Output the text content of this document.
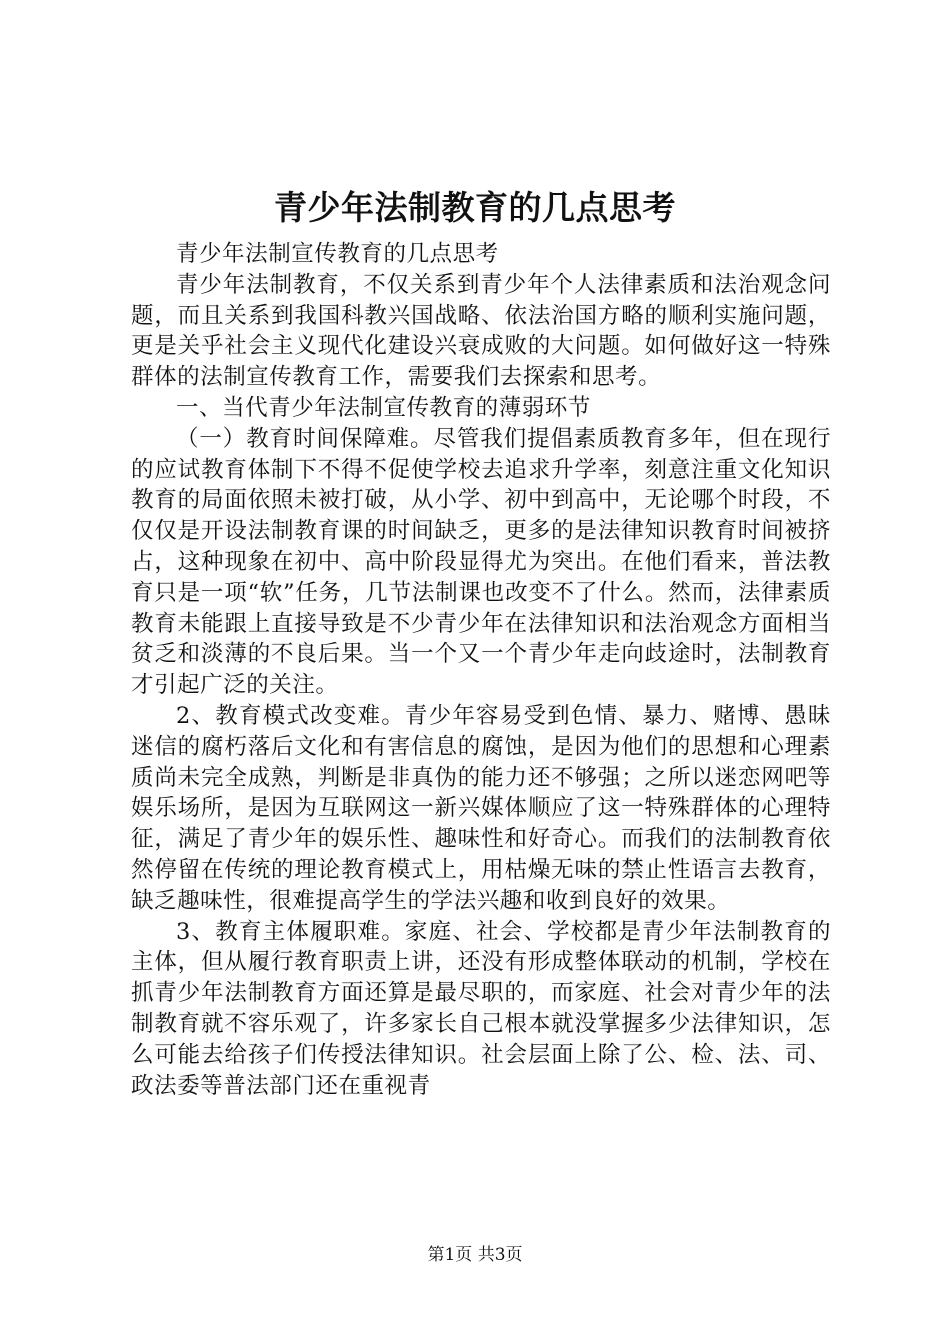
青少年法制教育的几点思考

青少年法制宣传教育的几点思考

青少年法制教育，不仅关系到青少年个人法律素质和法治观念问题，而且关系到我国科教兴国战略、依法治国方略的顺利实施问题，更是关乎社会主义现代化建设兴衰成败的大问题。如何做好这一特殊群体的法制宣传教育工作，需要我们去探索和思考。

一、当代青少年法制宣传教育的薄弱环节

（一）教育时间保障难。尽管我们提倡素质教育多年，但在现行的应试教育体制下不得不促使学校去追求升学率，刻意注重文化知识教育的局面依照未被打破，从小学、初中到高中，无论哪个时段，不仅仅是开设法制教育课的时间缺乏，更多的是法律知识教育时间被挤占，这种现象在初中、高中阶段显得尤为突出。在他们看来，普法教育只是一项“软”任务，几节法制课也改变不了什么。然而，法律素质教育未能跟上直接导致是不少青少年在法律知识和法治观念方面相当贫乏和淡薄的不良后果。当一个又一个青少年走向歧途时，法制教育才引起广泛的关注。

2、教育模式改变难。青少年容易受到色情、暴力、赌博、愚昧迷信的腐朽落后文化和有害信息的腐蚀，是因为他们的思想和心理素质尚未完全成熟，判断是非真伪的能力还不够强；之所以迷恋网吧等娱乐场所，是因为互联网这一新兴媒体顺应了这一特殊群体的心理特征，满足了青少年的娱乐性、趣味性和好奇心。而我们的法制教育依然停留在传统的理论教育模式上，用枯燥无味的禁止性语言去教育，缺乏趣味性，很难提高学生的学法兴趣和收到良好的效果。

3、教育主体履职难。家庭、社会、学校都是青少年法制教育的主体，但从履行教育职责上讲，还没有形成整体联动的机制，学校在抓青少年法制教育方面还算是最尽职的，而家庭、社会对青少年的法制教育就不容乐观了，许多家长自己根本就没掌握多少法律知识，怎么可能去给孩子们传授法律知识。社会层面上除了公、检、法、司、政法委等普法部门还在重视青

第1页 共3页
